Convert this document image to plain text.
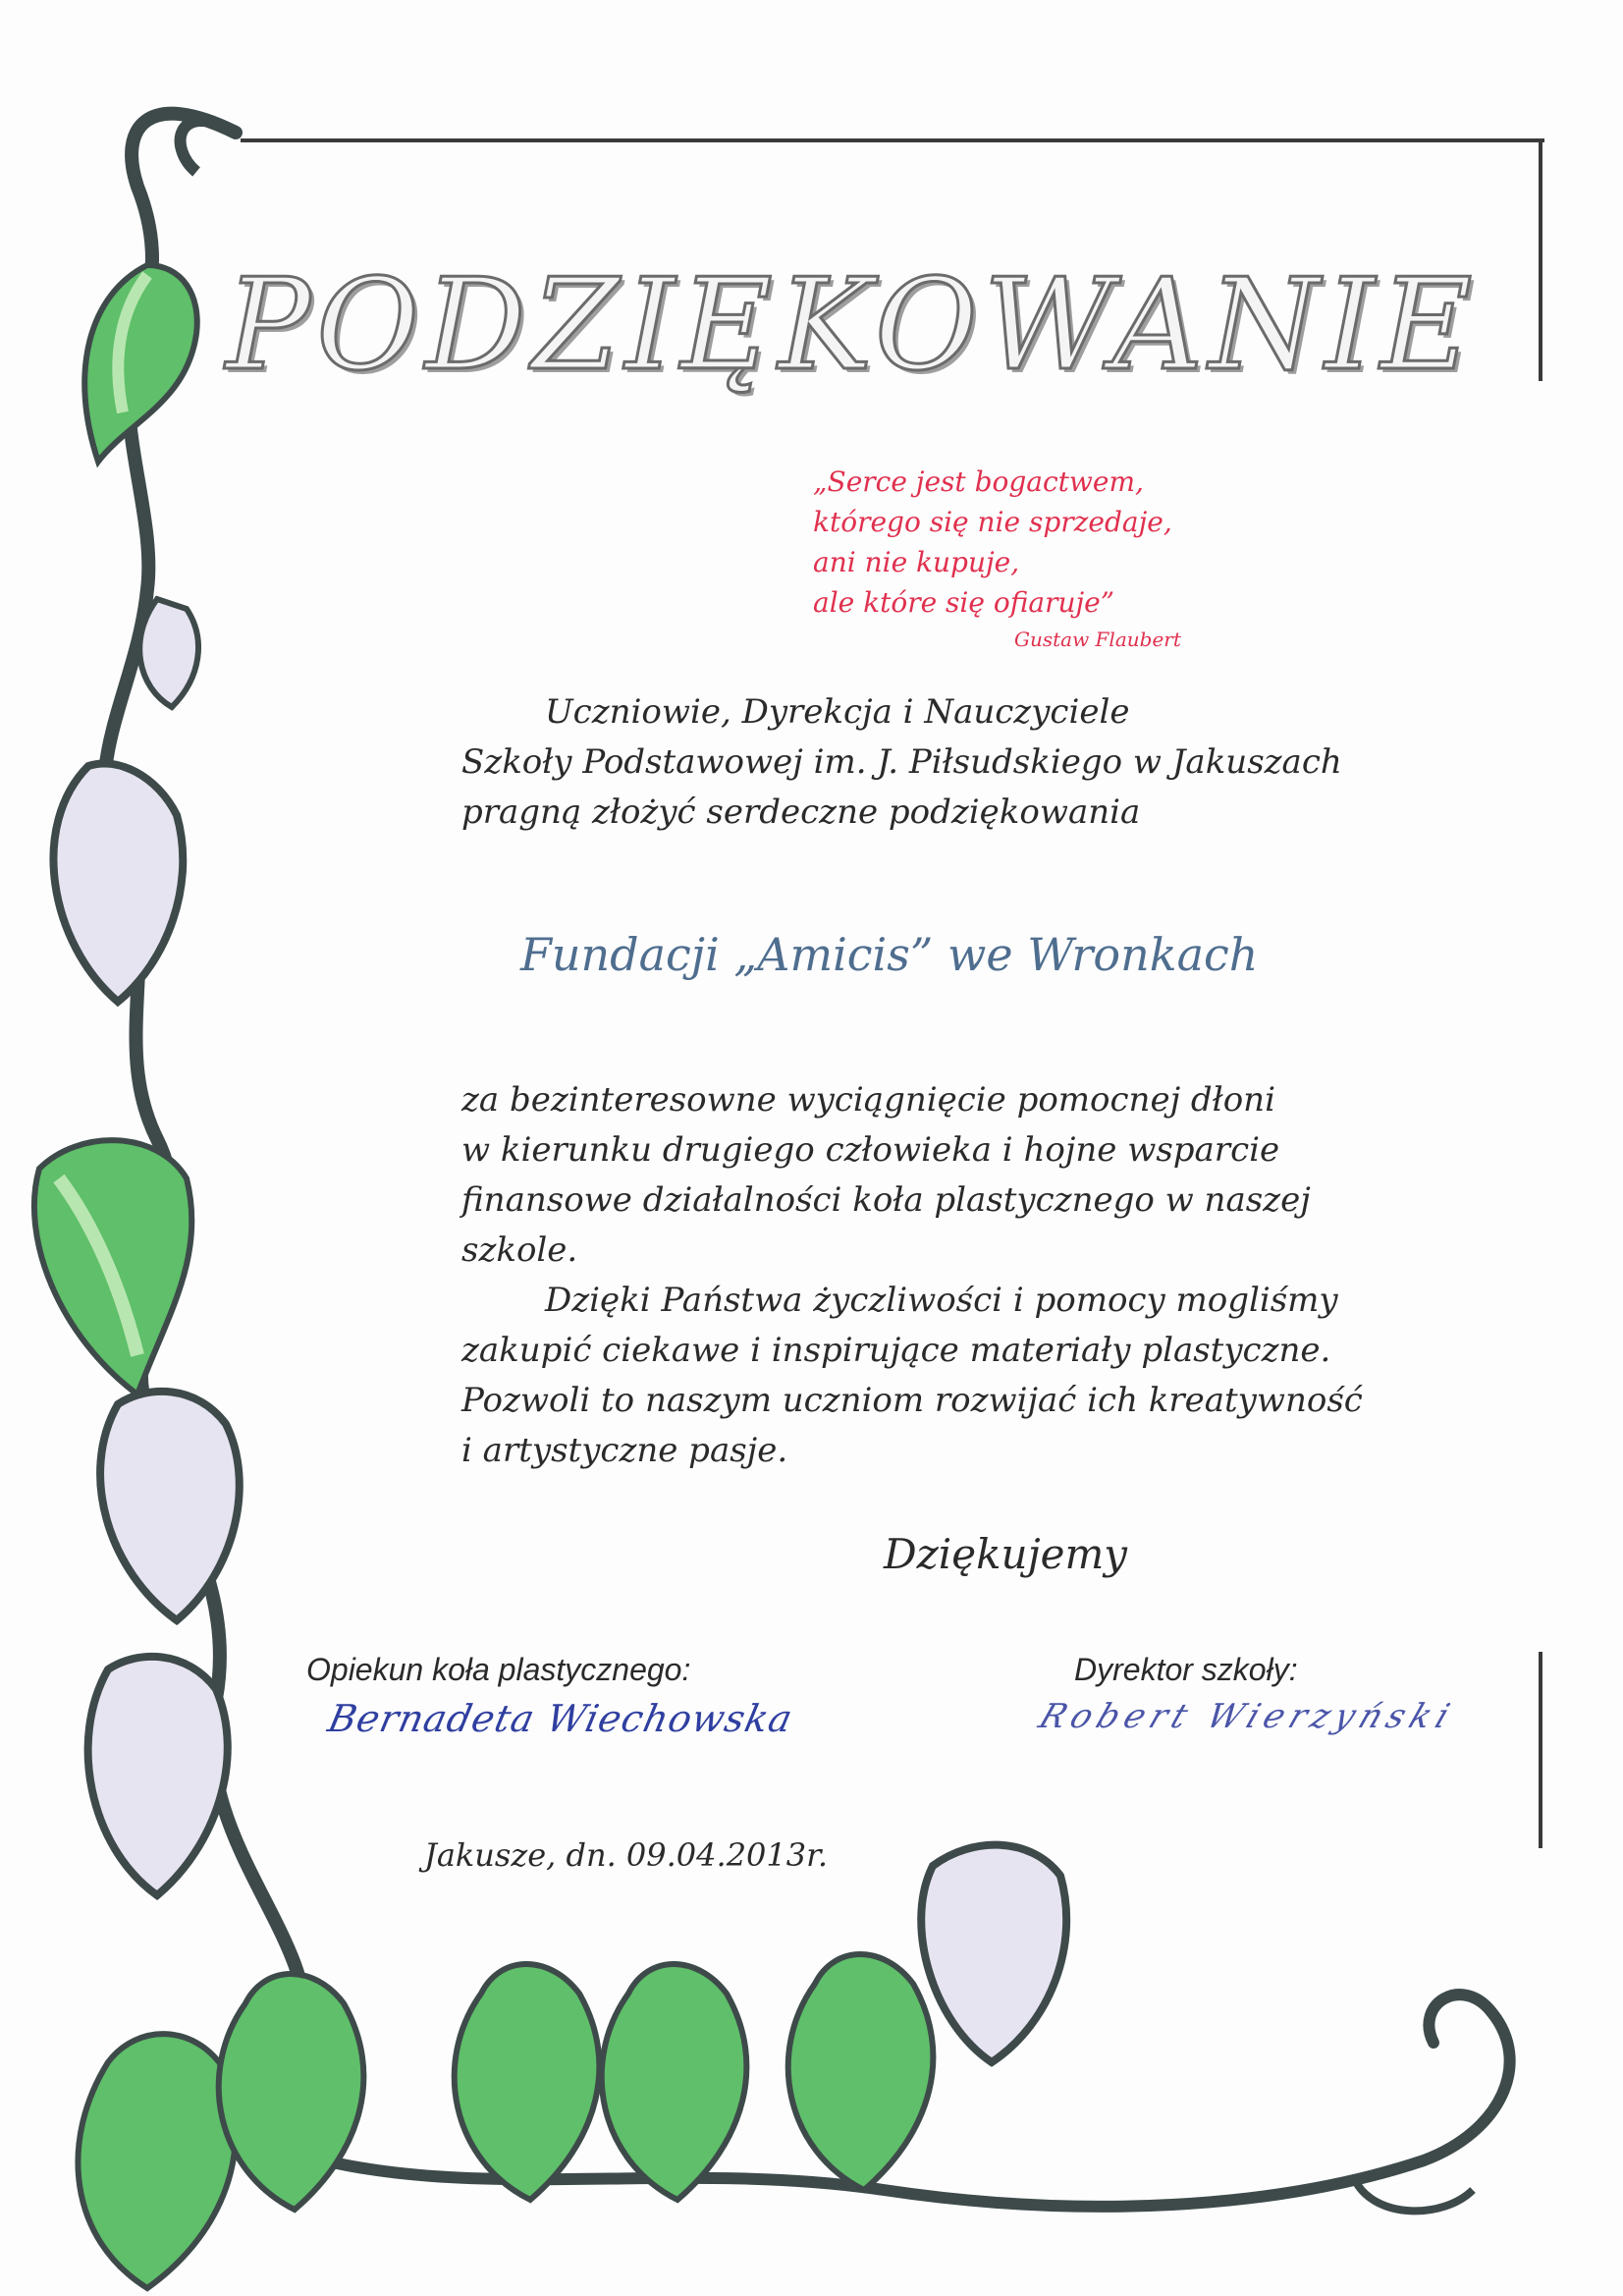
PODZIĘKOWANIE
„Serce jest bogactwem,
którego się nie sprzedaje,
ani nie kupuje,
ale które się ofiaruje”
Gustaw Flaubert
Uczniowie, Dyrekcja i Nauczyciele
Szkoły Podstawowej im. J. Piłsudskiego w Jakuszach
pragną złożyć serdeczne podziękowania
Fundacji „Amicis” we Wronkach
za bezinteresowne wyciągnięcie pomocnej dłoni
w kierunku drugiego człowieka i hojne wsparcie
finansowe działalności koła plastycznego w naszej
szkole.
Dzięki Państwa życzliwości i pomocy mogliśmy
zakupić ciekawe i inspirujące materiały plastyczne.
Pozwoli to naszym uczniom rozwijać ich kreatywność
i artystyczne pasje.
Dziękujemy
Opiekun koła plastycznego:
Bernadeta Wiechowska
Dyrektor szkoły:
Robert Wierzyński
Jakusze, dn. 09.04.2013r.
